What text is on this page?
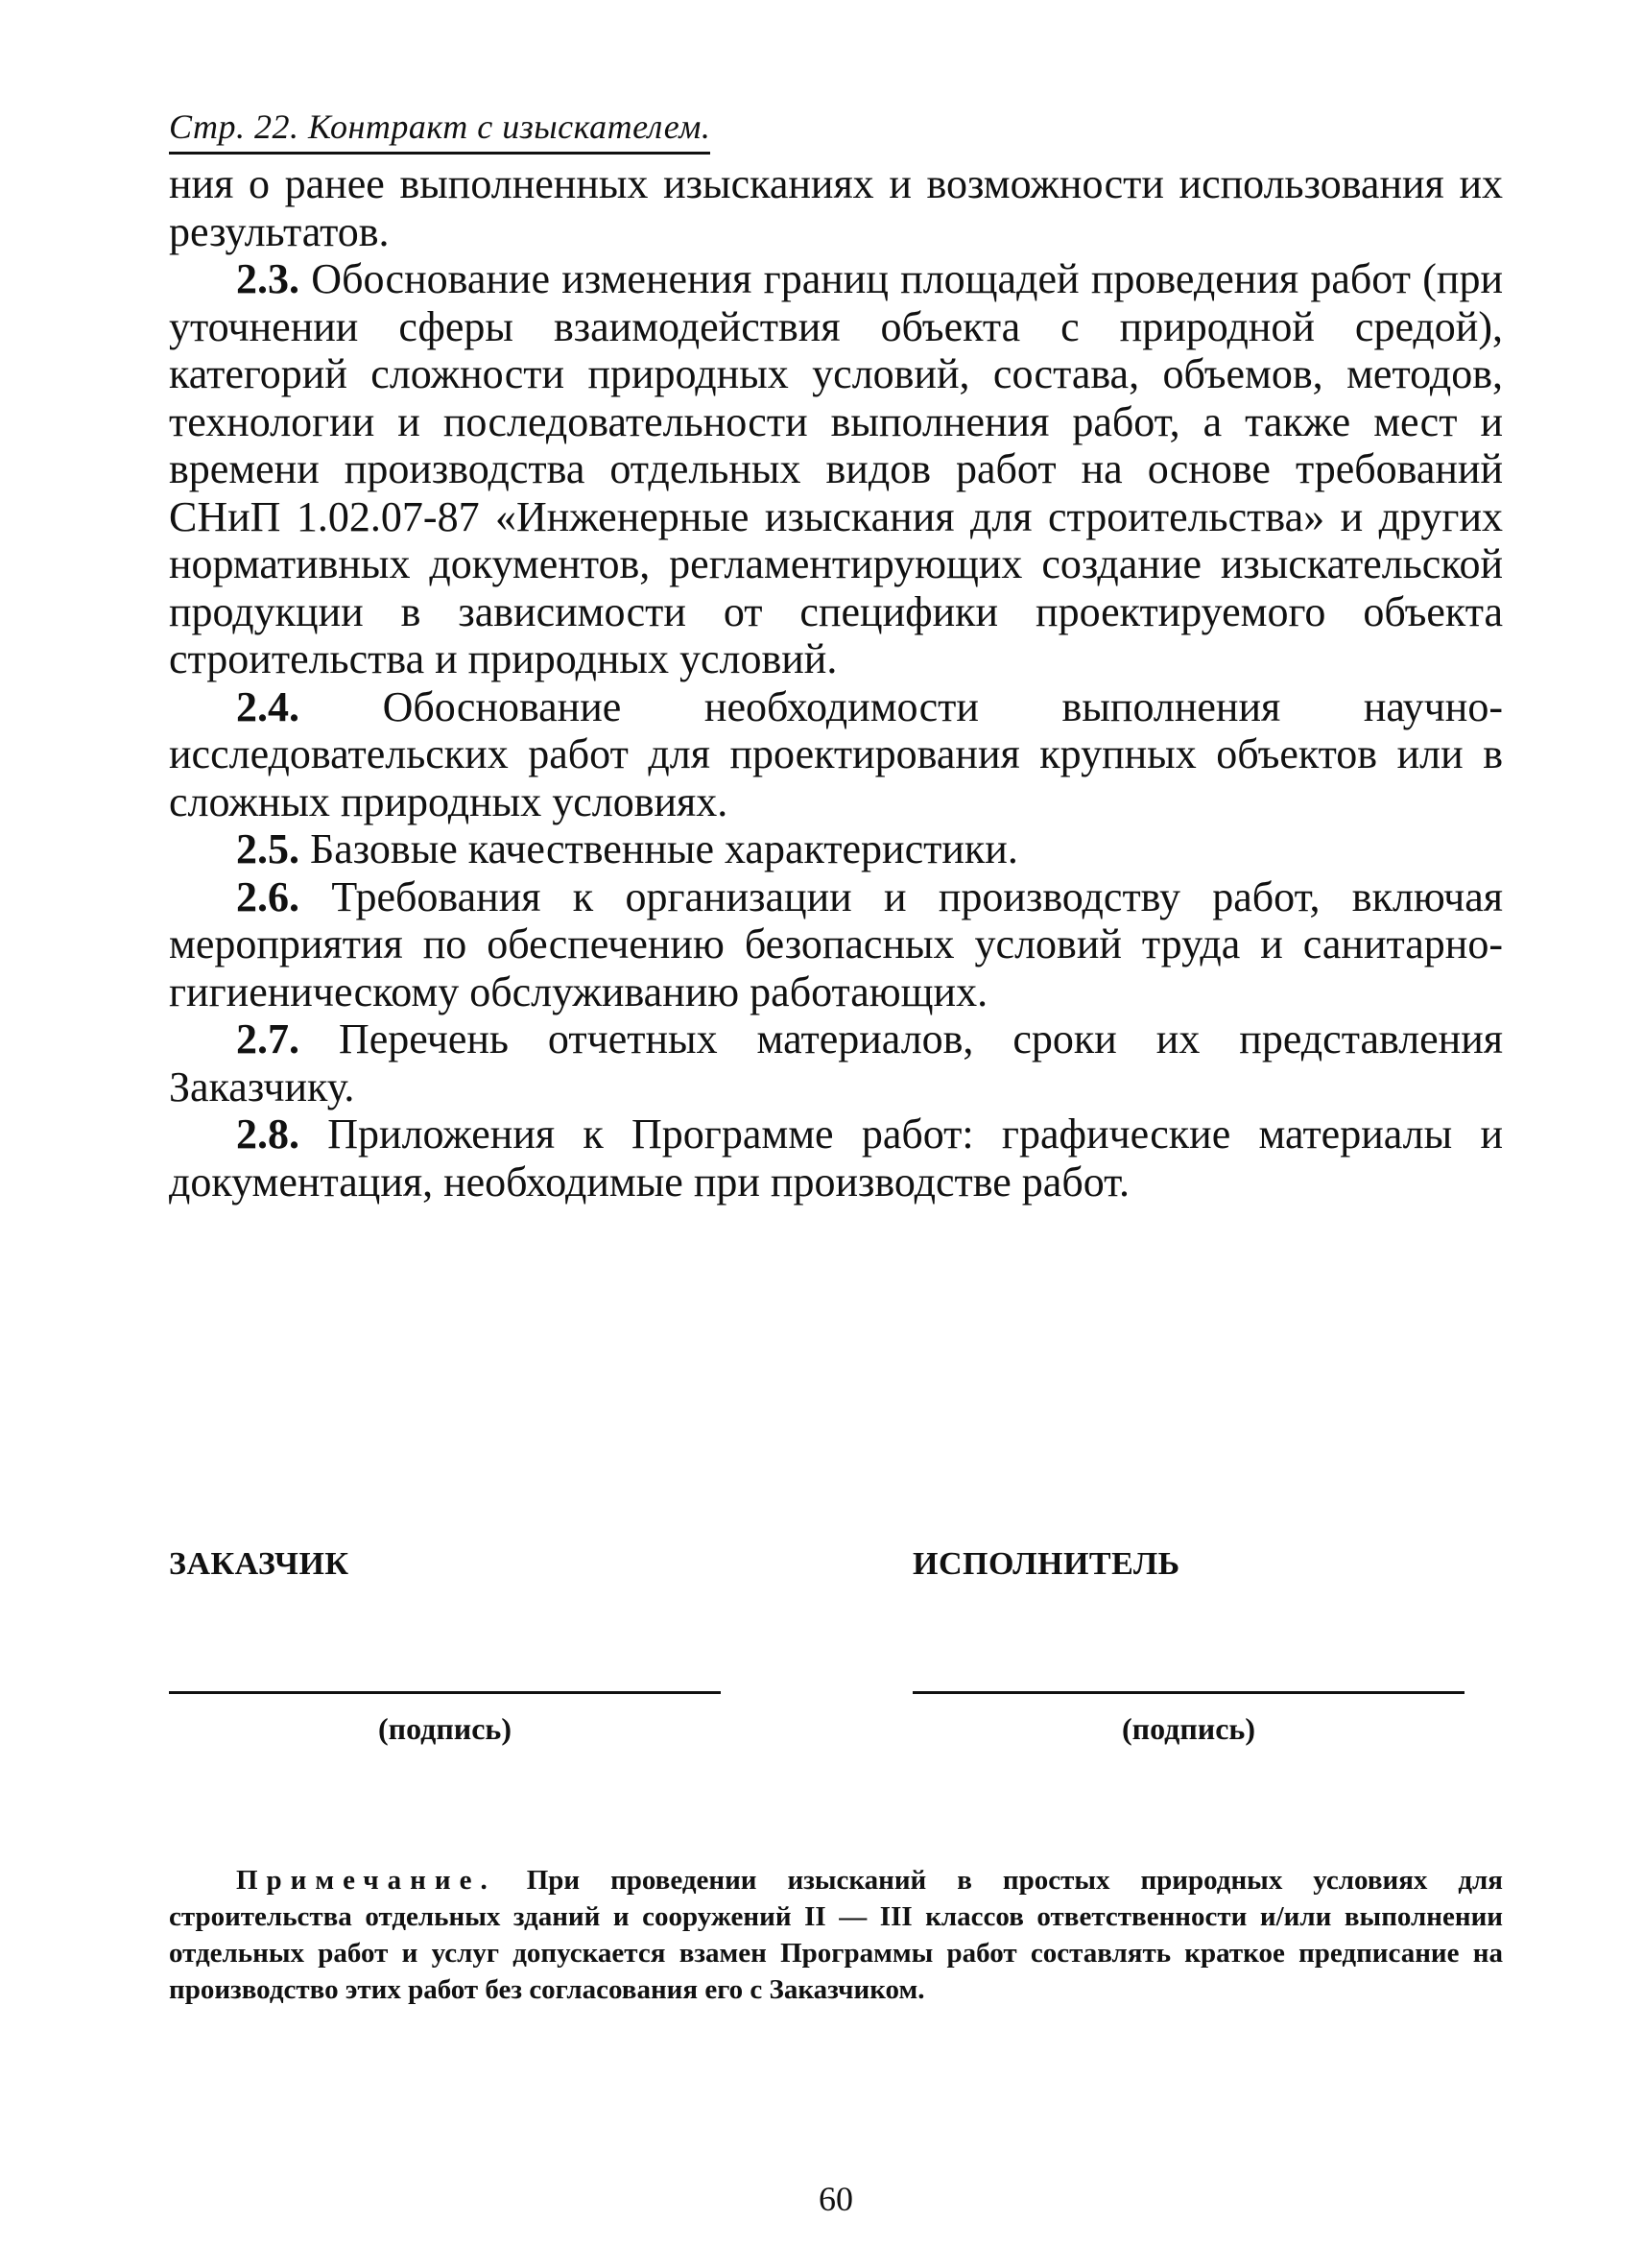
Стр. 22. Контракт с изыскателем.

ния о ранее выполненных изысканиях и возможности использования их результатов.

2.3. Обоснование изменения границ площадей проведения работ (при уточнении сферы взаимодействия объекта с природной средой), категорий сложности природных условий, состава, объемов, методов, технологии и последовательности выполнения работ, а также мест и времени производства отдельных видов работ на основе требований СНиП 1.02.07-87 «Инженерные изыскания для строительства» и других нормативных документов, регламентирующих создание изыскательской продукции в зависимости от специфики проектируемого объекта строительства и природных условий.

2.4. Обоснование необходимости выполнения научно-исследовательских работ для проектирования крупных объектов или в сложных природных условиях.

2.5. Базовые качественные характеристики.

2.6. Требования к организации и производству работ, включая мероприятия по обеспечению безопасных условий труда и санитарно-гигиеническому обслуживанию работающих.

2.7. Перечень отчетных материалов, сроки их представления Заказчику.

2.8. Приложения к Программе работ: графические материалы и документация, необходимые при производстве работ.

ЗАКАЗЧИК
(подпись)
ИСПОЛНИТЕЛЬ
(подпись)
Примечание. При проведении изысканий в простых природных условиях для строительства отдельных зданий и сооружений II — III классов ответственности и/или выполнении отдельных работ и услуг допускается взамен Программы работ составлять краткое предписание на производство этих работ без согласования его с Заказчиком.
60
